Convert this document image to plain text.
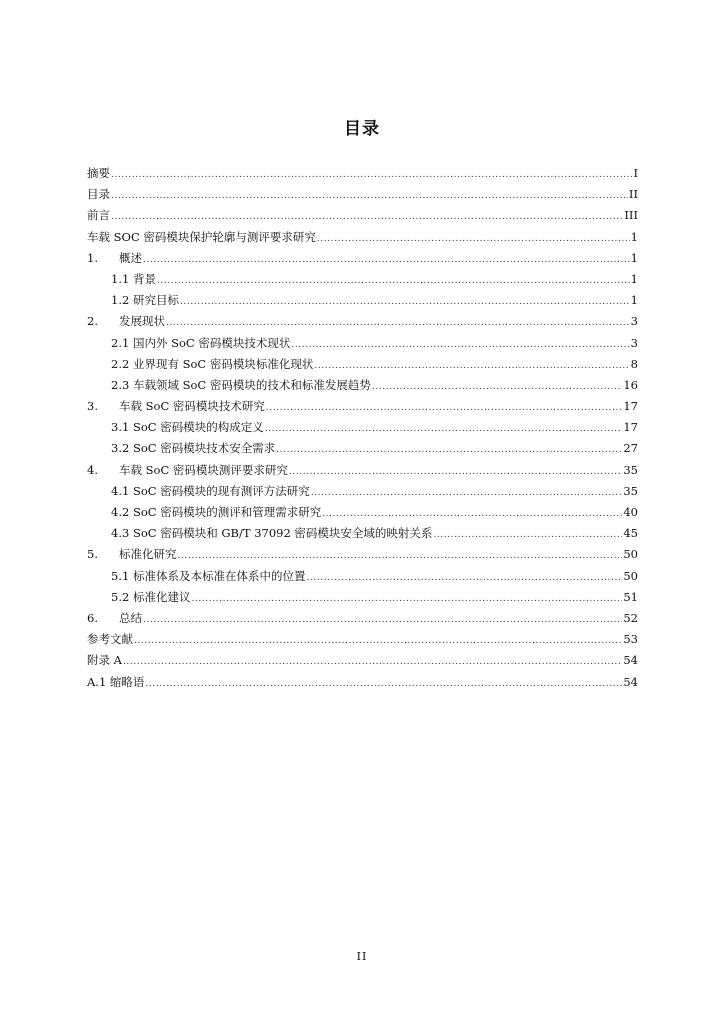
目录
摘要 .....	I
目录 .....	II
前言 .....	III
车载 SOC 密码模块保护轮廓与测评要求研究 .....	1
1.	概述 .....	1
1.1 背景 .....	1
1.2 研究目标 .....	1
2.	发展现状 .....	3
2.1 国内外 SoC 密码模块技术现状 .....	3
2.2 业界现有 SoC 密码模块标准化现状 .....	8
2.3 车载领域 SoC 密码模块的技术和标准发展趋势 .....	16
3.	车载 SoC 密码模块技术研究 .....	17
3.1 SoC 密码模块的构成定义 .....	17
3.2 SoC 密码模块技术安全需求 .....	27
4.	车载 SoC 密码模块测评要求研究 .....	35
4.1 SoC 密码模块的现有测评方法研究 .....	35
4.2 SoC 密码模块的测评和管理需求研究 .....	40
4.3 SoC 密码模块和 GB/T 37092 密码模块安全域的映射关系 .....	45
5.	标准化研究 .....	50
5.1 标准体系及本标准在体系中的位置 .....	50
5.2 标准化建议 .....	51
6.	总结 .....	52
参考文献 .....	53
附录 A .....	54
A.1 缩略语 .....	54
II
